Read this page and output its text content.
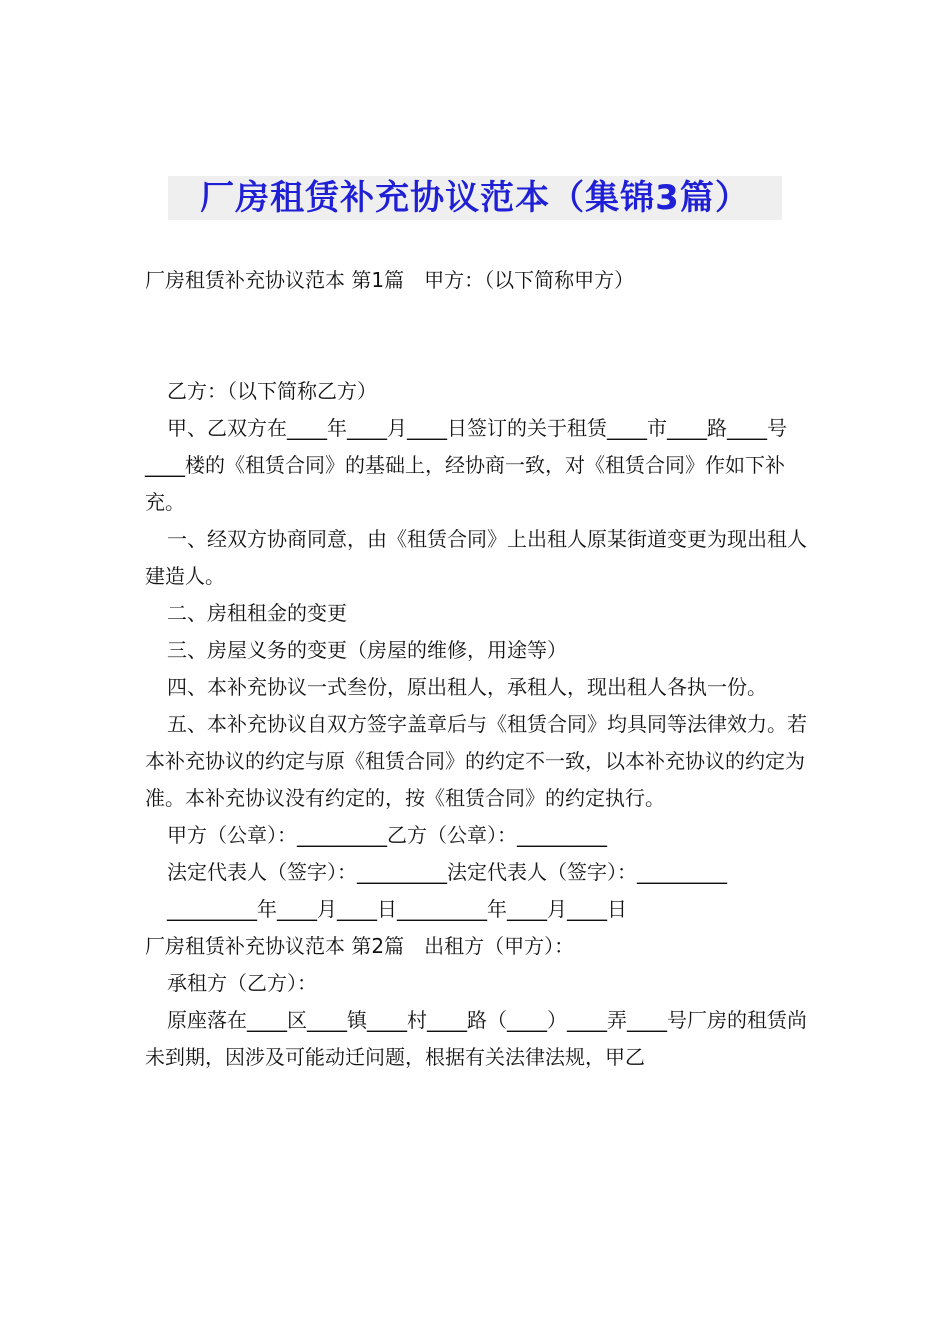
厂房租赁补充协议范本（集锦3篇）

厂房租赁补充协议范本 第1篇　甲方：（以下简称甲方）

乙方：（以下简称乙方）

甲、乙双方在____年____月____日签订的关于租赁____市____路____号____楼的《租赁合同》的基础上，经协商一致，对《租赁合同》作如下补充。

一、经双方协商同意，由《租赁合同》上出租人原某街道变更为现出租人建造人。

二、房租租金的变更

三、房屋义务的变更（房屋的维修，用途等）

四、本补充协议一式叁份，原出租人，承租人，现出租人各执一份。

五、本补充协议自双方签字盖章后与《租赁合同》均具同等法律效力。若本补充协议的约定与原《租赁合同》的约定不一致，以本补充协议的约定为准。本补充协议没有约定的，按《租赁合同》的约定执行。

甲方（公章）：_________乙方（公章）：_________

法定代表人（签字）：_________法定代表人（签字）：_________

_________年____月____日_________年____月____日

厂房租赁补充协议范本 第2篇　出租方（甲方）：

承租方（乙方）：

原座落在____区____镇____村____路（____）____弄____号厂房的租赁尚未到期，因涉及可能动迁问题，根据有关法律法规，甲乙
